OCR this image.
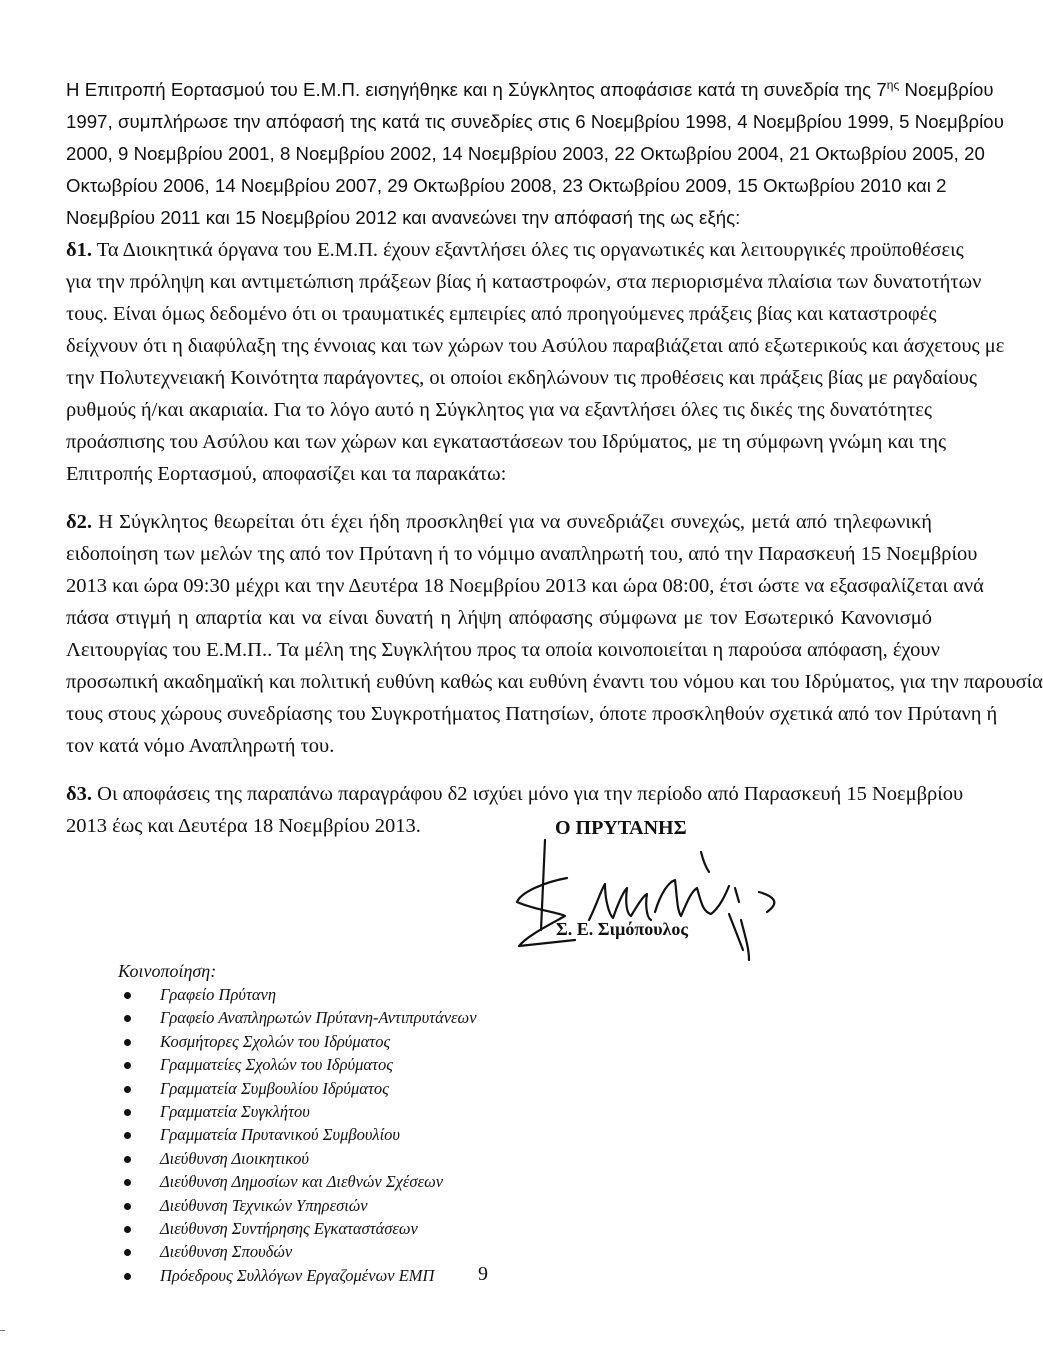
Η Επιτροπή Εορτασμού του Ε.Μ.Π. εισηγήθηκε και η Σύγκλητος αποφάσισε κατά τη συνεδρία της $7^{\eta\varsigma}$ Νοεμβρίου
1997, συμπλήρωσε την απόφασή της κατά τις συνεδρίες στις 6 Νοεμβρίου 1998, 4 Νοεμβρίου 1999, 5 Νοεμβρίου
2000, 9 Νοεμβρίου 2001, 8 Νοεμβρίου 2002, 14 Νοεμβρίου 2003, 22 Οκτωβρίου 2004, 21 Οκτωβρίου 2005, 20
Οκτωβρίου 2006, 14 Νοεμβρίου 2007, 29 Οκτωβρίου 2008, 23 Οκτωβρίου 2009, 15 Οκτωβρίου 2010 και 2
Νοεμβρίου 2011 και 15 Νοεμβρίου 2012 και ανανεώνει την απόφασή της ως εξής:
δ1. Τα Διοικητικά όργανα του Ε.Μ.Π. έχουν εξαντλήσει όλες τις οργανωτικές και λειτουργικές προϋποθέσεις
για την πρόληψη και αντιμετώπιση πράξεων βίας ή καταστροφών, στα περιορισμένα πλαίσια των δυνατοτήτων
τους. Είναι όμως δεδομένο ότι οι τραυματικές εμπειρίες από προηγούμενες πράξεις βίας και καταστροφές
δείχνουν ότι η διαφύλαξη της έννοιας και των χώρων του Ασύλου παραβιάζεται από εξωτερικούς και άσχετους με
την Πολυτεχνειακή Κοινότητα παράγοντες, οι οποίοι εκδηλώνουν τις προθέσεις και πράξεις βίας με ραγδαίους
ρυθμούς ή/και ακαριαία. Για το λόγο αυτό η Σύγκλητος για να εξαντλήσει όλες τις δικές της δυνατότητες
προάσπισης του Ασύλου και των χώρων και εγκαταστάσεων του Ιδρύματος, με τη σύμφωνη γνώμη και της
Επιτροπής Εορτασμού, αποφασίζει και τα παρακάτω:
δ2. Η Σύγκλητος θεωρείται ότι έχει ήδη προσκληθεί για να συνεδριάζει συνεχώς, μετά από τηλεφωνική
ειδοποίηση των μελών της από τον Πρύτανη ή το νόμιμο αναπληρωτή του, από την Παρασκευή 15 Νοεμβρίου
2013 και ώρα 09:30 μέχρι και την Δευτέρα 18 Νοεμβρίου 2013 και ώρα 08:00, έτσι ώστε να εξασφαλίζεται ανά
πάσα στιγμή η απαρτία και να είναι δυνατή η λήψη απόφασης σύμφωνα με τον Εσωτερικό Κανονισμό
Λειτουργίας του Ε.Μ.Π.. Τα μέλη της Συγκλήτου προς τα οποία κοινοποιείται η παρούσα απόφαση, έχουν
προσωπική ακαδημαϊκή και πολιτική ευθύνη καθώς και ευθύνη έναντι του νόμου και του Ιδρύματος, για την παρουσία
τους στους χώρους συνεδρίασης του Συγκροτήματος Πατησίων, όποτε προσκληθούν σχετικά από τον Πρύτανη ή
τον κατά νόμο Αναπληρωτή του.
δ3. Οι αποφάσεις της παραπάνω παραγράφου δ2 ισχύει μόνο για την περίοδο από Παρασκευή 15 Νοεμβρίου
2013 έως και Δευτέρα 18 Νοεμβρίου 2013.	Ο ΠΡΥΤΑΝΗΣ
Σ. Ε. Σιμόπουλος
Κοινοποίηση:
Γραφείο Πρύτανη
Γραφείο Αναπληρωτών Πρύτανη-Αντιπρυτάνεων
Κοσμήτορες Σχολών του Ιδρύματος
Γραμματείες Σχολών του Ιδρύματος
Γραμματεία Συμβουλίου Ιδρύματος
Γραμματεία Συγκλήτου
Γραμματεία Πρυτανικού Συμβουλίου
Διεύθυνση Διοικητικού
Διεύθυνση Δημοσίων και Διεθνών Σχέσεων
Διεύθυνση Τεχνικών Υπηρεσιών
Διεύθυνση Συντήρησης Εγκαταστάσεων
Διεύθυνση Σπουδών
Πρόεδρους Συλλόγων Εργαζομένων ΕΜΠ	9
